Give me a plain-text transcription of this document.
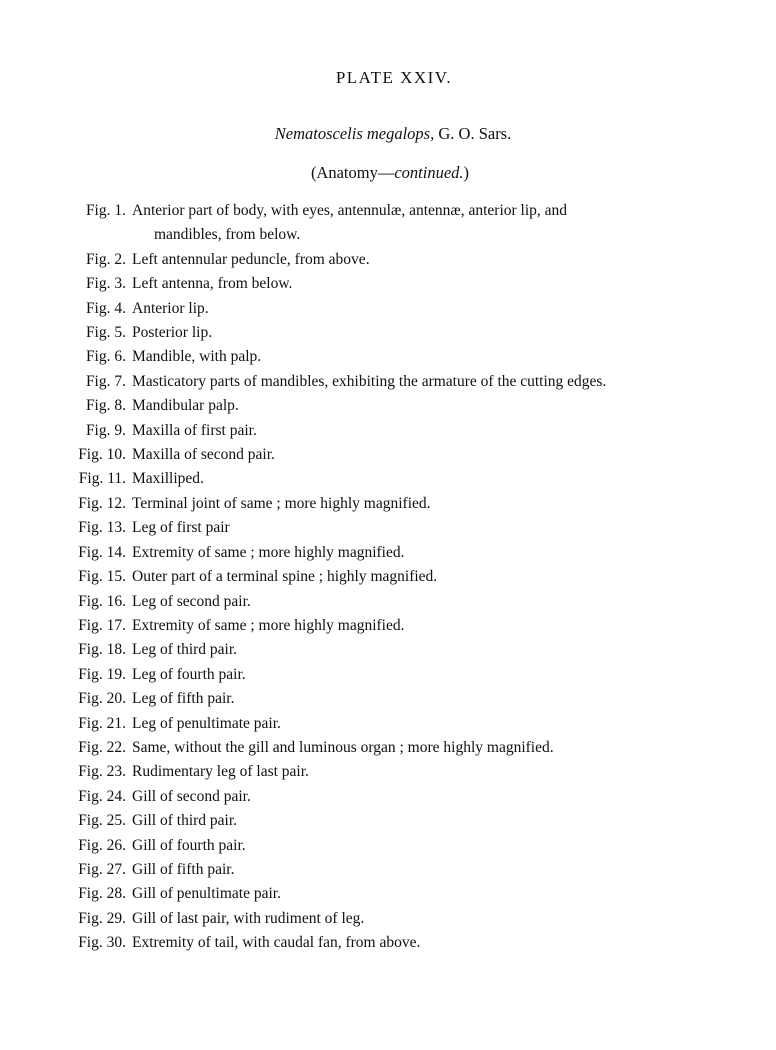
PLATE XXIV.
Nematoscelis megalops, G. O. Sars.
(Anatomy—continued.)
Fig. 1. Anterior part of body, with eyes, antennulæ, antennæ, anterior lip, and
mandibles, from below.
Fig. 2. Left antennular peduncle, from above.
Fig. 3. Left antenna, from below.
Fig. 4. Anterior lip.
Fig. 5. Posterior lip.
Fig. 6. Mandible, with palp.
Fig. 7. Masticatory parts of mandibles, exhibiting the armature of the cutting edges.
Fig. 8. Mandibular palp.
Fig. 9. Maxilla of first pair.
Fig. 10. Maxilla of second pair.
Fig. 11. Maxilliped.
Fig. 12. Terminal joint of same ; more highly magnified.
Fig. 13. Leg of first pair
Fig. 14. Extremity of same ; more highly magnified.
Fig. 15. Outer part of a terminal spine ; highly magnified.
Fig. 16. Leg of second pair.
Fig. 17. Extremity of same ; more highly magnified.
Fig. 18. Leg of third pair.
Fig. 19. Leg of fourth pair.
Fig. 20. Leg of fifth pair.
Fig. 21. Leg of penultimate pair.
Fig. 22. Same, without the gill and luminous organ ; more highly magnified.
Fig. 23. Rudimentary leg of last pair.
Fig. 24. Gill of second pair.
Fig. 25. Gill of third pair.
Fig. 26. Gill of fourth pair.
Fig. 27. Gill of fifth pair.
Fig. 28. Gill of penultimate pair.
Fig. 29. Gill of last pair, with rudiment of leg.
Fig. 30. Extremity of tail, with caudal fan, from above.
